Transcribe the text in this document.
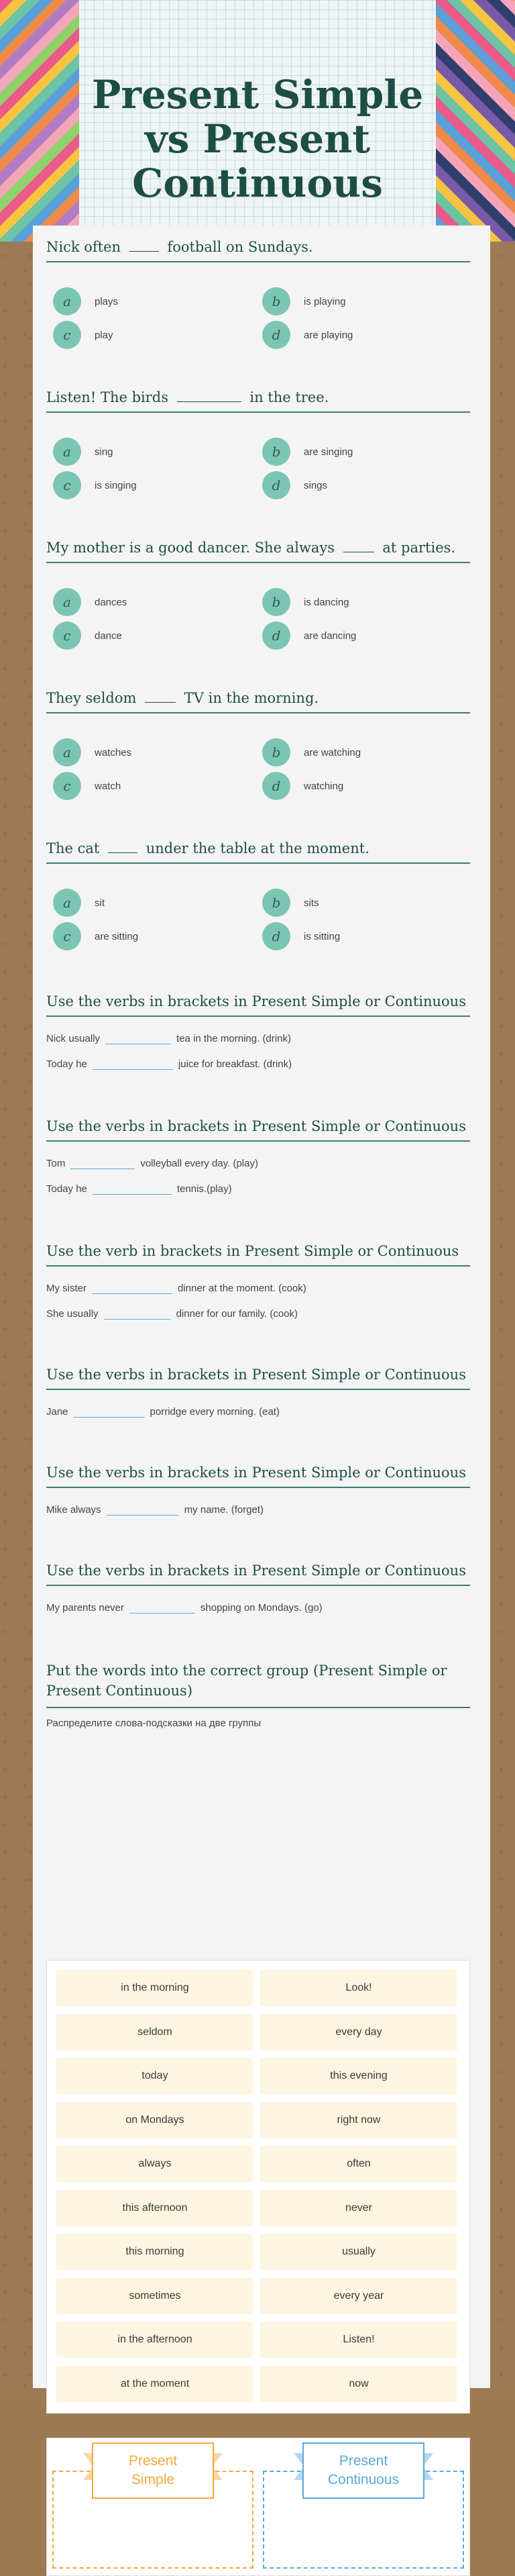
Present Simple vs Present Continuous
Nick often	football on Sundays.
a	plays	b	is playing
c	play	d	are playing
Listen! The birds	in the tree.
a	sing	b	are singing
c	is singing	d	sings
My mother is a good dancer. She always	at parties.
a	dances	b	is dancing
c	dance	d	are dancing
They seldom	TV in the morning.
a	watches	b	are watching
c	watch	d	watching
The cat	under the table at the moment.
a	sit	b	sits
c	are sitting	d	is sitting
Use the verbs in brackets in Present Simple or Continuous
Nick usually	tea in the morning. (drink)
Today he	juice for breakfast. (drink)
Use the verbs in brackets in Present Simple or Continuous
Tom	volleyball every day. (play)
Today he	tennis.(play)
Use the verb in brackets in Present Simple or Continuous
My sister	dinner at the moment. (cook)
She usually	dinner for our family. (cook)
Use the verbs in brackets in Present Simple or Continuous
Jane	porridge every morning. (eat)
Use the verbs in brackets in Present Simple or Continuous
Mike always	my name. (forget)
Use the verbs in brackets in Present Simple or Continuous
My parents never	shopping on Mondays. (go)
Put the words into the correct group (Present Simple or Present Continuous)
Распределите слова-подсказки на две группы
in the morning	Look!
seldom	every day
today	this evening
on Mondays	right now
always	often
this afternoon	never
this morning	usually
sometimes	every year
in the afternoon	Listen!
at the moment	now
Present Simple
Present Continuous
